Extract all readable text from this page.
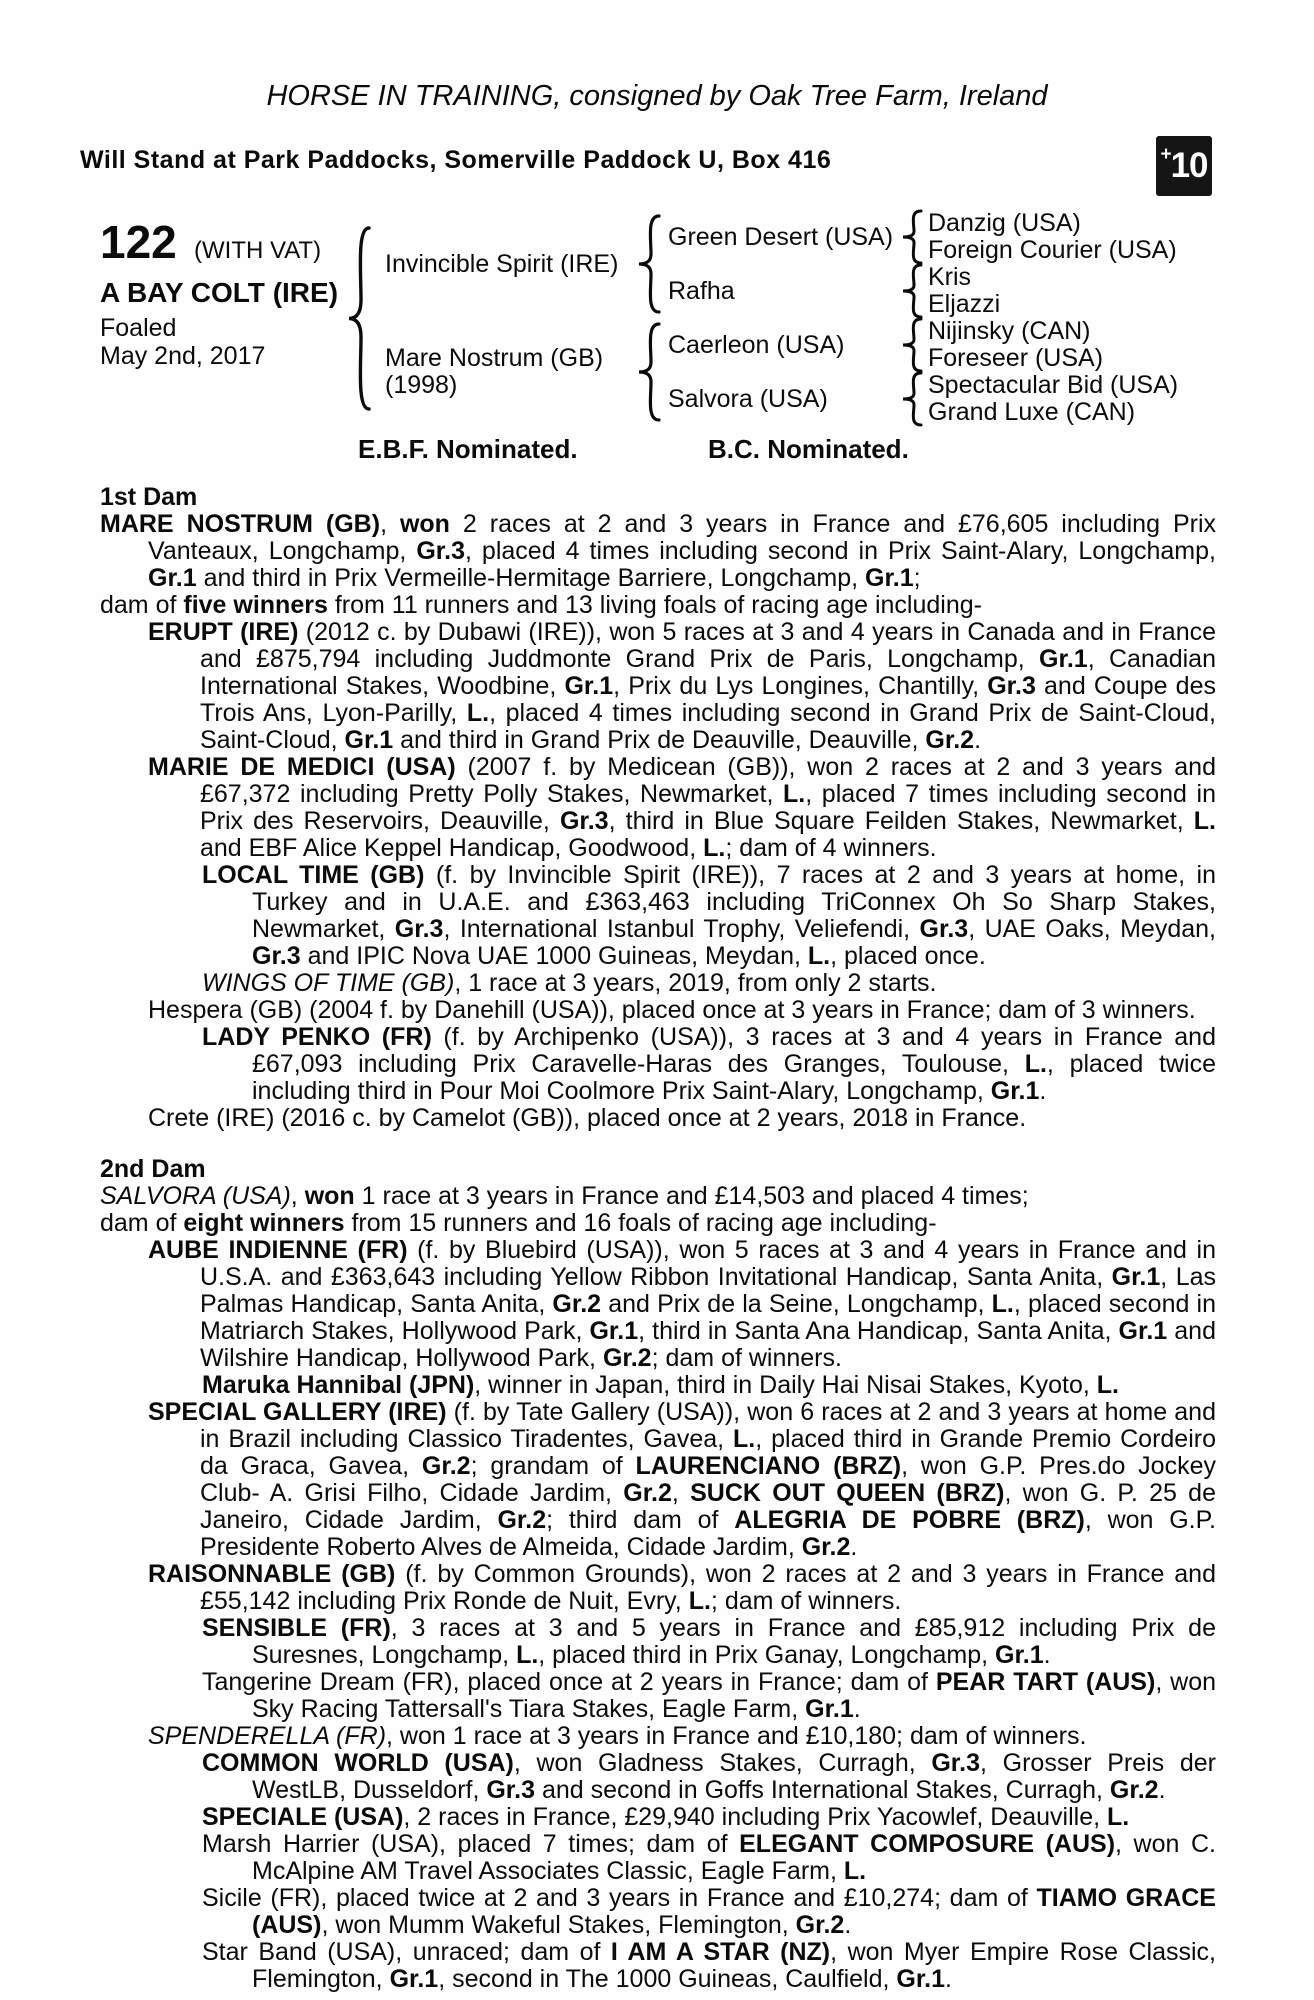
HORSE IN TRAINING, consigned by Oak Tree Farm, Ireland
Will Stand at Park Paddocks, Somerville Paddock U, Box 416	+ 10
122 (WITH VAT)
A BAY COLT (IRE)
Foaled
May 2nd, 2017
Invincible Spirit (IRE)
Mare Nostrum (GB)
(1998)
Green Desert (USA)
Rafha
Caerleon (USA)
Salvora (USA)
Danzig (USA)
Foreign Courier (USA)
Kris
Eljazzi
Nijinsky (CAN)
Foreseer (USA)
Spectacular Bid (USA)
Grand Luxe (CAN)
E.B.F. Nominated.	B.C. Nominated.
1st Dam

MARE NOSTRUM (GB), won 2 races at 2 and 3 years in France and £76,605 including Prix Vanteaux, Longchamp, Gr.3, placed 4 times including second in Prix Saint-Alary, Longchamp, Gr.1 and third in Prix Vermeille-Hermitage Barriere, Longchamp, Gr.1;

dam of five winners from 11 runners and 13 living foals of racing age including-

ERUPT (IRE) (2012 c. by Dubawi (IRE)), won 5 races at 3 and 4 years in Canada and in France and £875,794 including Juddmonte Grand Prix de Paris, Longchamp, Gr.1, Canadian International Stakes, Woodbine, Gr.1, Prix du Lys Longines, Chantilly, Gr.3 and Coupe des Trois Ans, Lyon-Parilly, L., placed 4 times including second in Grand Prix de Saint-Cloud, Saint-Cloud, Gr.1 and third in Grand Prix de Deauville, Deauville, Gr.2.

MARIE DE MEDICI (USA) (2007 f. by Medicean (GB)), won 2 races at 2 and 3 years and £67,372 including Pretty Polly Stakes, Newmarket, L., placed 7 times including second in Prix des Reservoirs, Deauville, Gr.3, third in Blue Square Feilden Stakes, Newmarket, L. and EBF Alice Keppel Handicap, Goodwood, L.; dam of 4 winners.

LOCAL TIME (GB) (f. by Invincible Spirit (IRE)), 7 races at 2 and 3 years at home, in Turkey and in U.A.E. and £363,463 including TriConnex Oh So Sharp Stakes, Newmarket, Gr.3, International Istanbul Trophy, Veliefendi, Gr.3, UAE Oaks, Meydan, Gr.3 and IPIC Nova UAE 1000 Guineas, Meydan, L., placed once.

WINGS OF TIME (GB), 1 race at 3 years, 2019, from only 2 starts.

Hespera (GB) (2004 f. by Danehill (USA)), placed once at 3 years in France; dam of 3 winners.

LADY PENKO (FR) (f. by Archipenko (USA)), 3 races at 3 and 4 years in France and £67,093 including Prix Caravelle-Haras des Granges, Toulouse, L., placed twice including third in Pour Moi Coolmore Prix Saint-Alary, Longchamp, Gr.1.

Crete (IRE) (2016 c. by Camelot (GB)), placed once at 2 years, 2018 in France.

2nd Dam

SALVORA (USA), won 1 race at 3 years in France and £14,503 and placed 4 times;

dam of eight winners from 15 runners and 16 foals of racing age including-

AUBE INDIENNE (FR) (f. by Bluebird (USA)), won 5 races at 3 and 4 years in France and in U.S.A. and £363,643 including Yellow Ribbon Invitational Handicap, Santa Anita, Gr.1, Las Palmas Handicap, Santa Anita, Gr.2 and Prix de la Seine, Longchamp, L., placed second in Matriarch Stakes, Hollywood Park, Gr.1, third in Santa Ana Handicap, Santa Anita, Gr.1 and Wilshire Handicap, Hollywood Park, Gr.2; dam of winners.

Maruka Hannibal (JPN), winner in Japan, third in Daily Hai Nisai Stakes, Kyoto, L.

SPECIAL GALLERY (IRE) (f. by Tate Gallery (USA)), won 6 races at 2 and 3 years at home and in Brazil including Classico Tiradentes, Gavea, L., placed third in Grande Premio Cordeiro da Graca, Gavea, Gr.2; grandam of LAURENCIANO (BRZ), won G.P. Pres.do Jockey Club- A. Grisi Filho, Cidade Jardim, Gr.2, SUCK OUT QUEEN (BRZ), won G. P. 25 de Janeiro, Cidade Jardim, Gr.2; third dam of ALEGRIA DE POBRE (BRZ), won G.P. Presidente Roberto Alves de Almeida, Cidade Jardim, Gr.2.

RAISONNABLE (GB) (f. by Common Grounds), won 2 races at 2 and 3 years in France and £55,142 including Prix Ronde de Nuit, Evry, L.; dam of winners.

SENSIBLE (FR), 3 races at 3 and 5 years in France and £85,912 including Prix de Suresnes, Longchamp, L., placed third in Prix Ganay, Longchamp, Gr.1.

Tangerine Dream (FR), placed once at 2 years in France; dam of PEAR TART (AUS), won Sky Racing Tattersall's Tiara Stakes, Eagle Farm, Gr.1.

SPENDERELLA (FR), won 1 race at 3 years in France and £10,180; dam of winners.

COMMON WORLD (USA), won Gladness Stakes, Curragh, Gr.3, Grosser Preis der WestLB, Dusseldorf, Gr.3 and second in Goffs International Stakes, Curragh, Gr.2.

SPECIALE (USA), 2 races in France, £29,940 including Prix Yacowlef, Deauville, L.

Marsh Harrier (USA), placed 7 times; dam of ELEGANT COMPOSURE (AUS), won C. McAlpine AM Travel Associates Classic, Eagle Farm, L.

Sicile (FR), placed twice at 2 and 3 years in France and £10,274; dam of TIAMO GRACE (AUS), won Mumm Wakeful Stakes, Flemington, Gr.2.

Star Band (USA), unraced; dam of I AM A STAR (NZ), won Myer Empire Rose Classic, Flemington, Gr.1, second in The 1000 Guineas, Caulfield, Gr.1.
